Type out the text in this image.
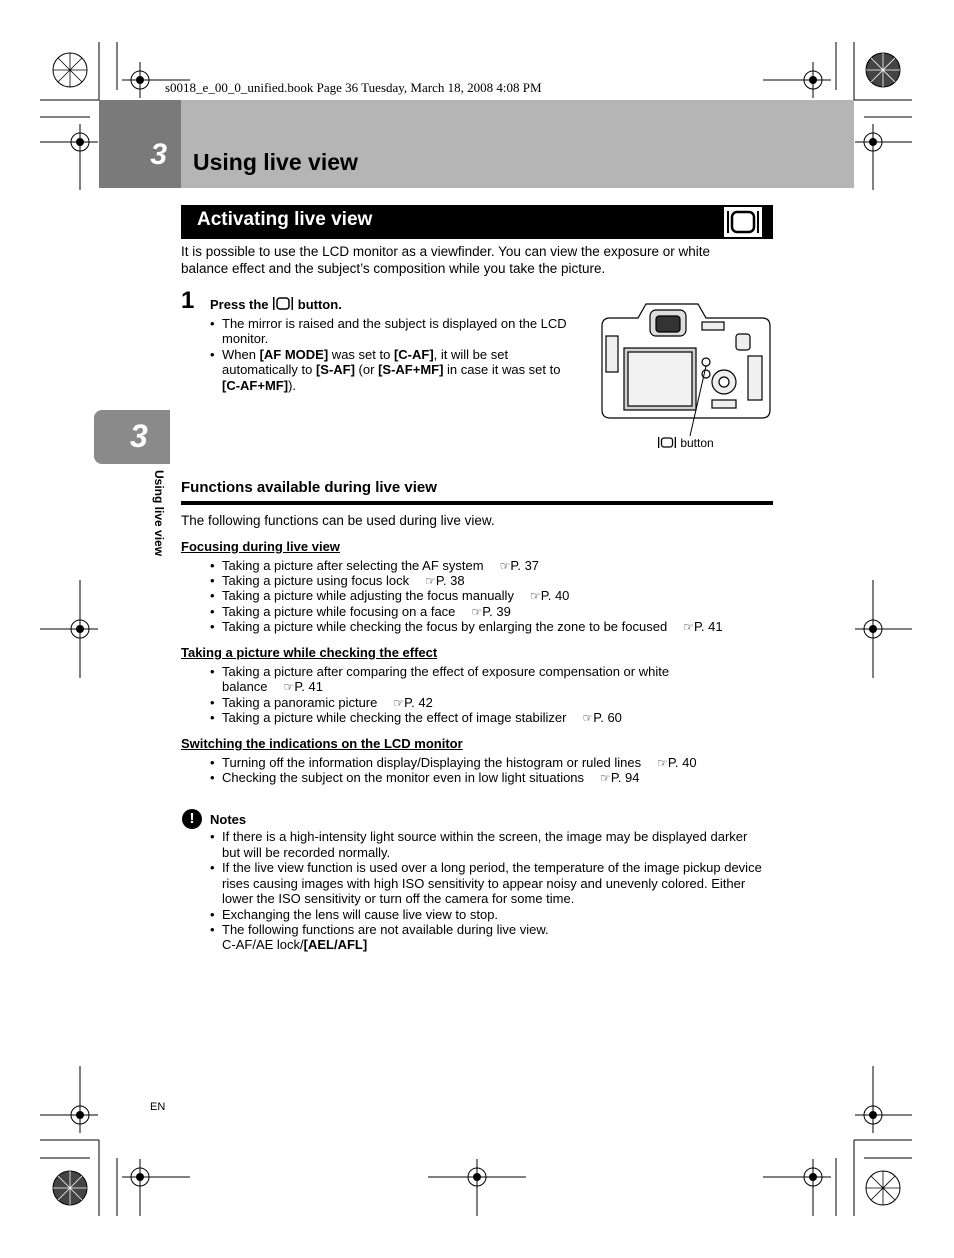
s0018_e_00_0_unified.book Page 36 Tuesday, March 18, 2008 4:08 PM
3	Using live view
Activating live view
It is possible to use the LCD monitor as a viewfinder. You can view the exposure or white
balance effect and the subject’s composition while you take the picture.
1 Press the  button.
• The mirror is raised and the subject is displayed on the LCD
monitor.
• When [AF MODE] was set to [C-AF], it will be set
automatically to [S-AF] (or [S-AF+MF] in case it was set to
[C-AF+MF]).
button
3
Using live view Functions available during live view
The following functions can be used during live view.
Focusing during live view
• Taking a picture after selecting the AF system ☞P. 37
• Taking a picture using focus lock ☞P. 38
• Taking a picture while adjusting the focus manually ☞P. 40
• Taking a picture while focusing on a face ☞P. 39
• Taking a picture while checking the focus by enlarging the zone to be focused ☞P. 41
Taking a picture while checking the effect
• Taking a picture after comparing the effect of exposure compensation or white
balance ☞P. 41
• Taking a panoramic picture ☞P. 42
• Taking a picture while checking the effect of image stabilizer ☞P. 60
Switching the indications on the LCD monitor
• Turning off the information display/Displaying the histogram or ruled lines ☞P. 40
• Checking the subject on the monitor even in low light situations ☞P. 94
!	Notes
• If there is a high-intensity light source within the screen, the image may be displayed darker
but will be recorded normally.
• If the live view function is used over a long period, the temperature of the image pickup device
rises causing images with high ISO sensitivity to appear noisy and unevenly colored. Either
lower the ISO sensitivity or turn off the camera for some time.
• Exchanging the lens will cause live view to stop.
• The following functions are not available during live view.
C-AF/AE lock/[AEL/AFL]
EN
